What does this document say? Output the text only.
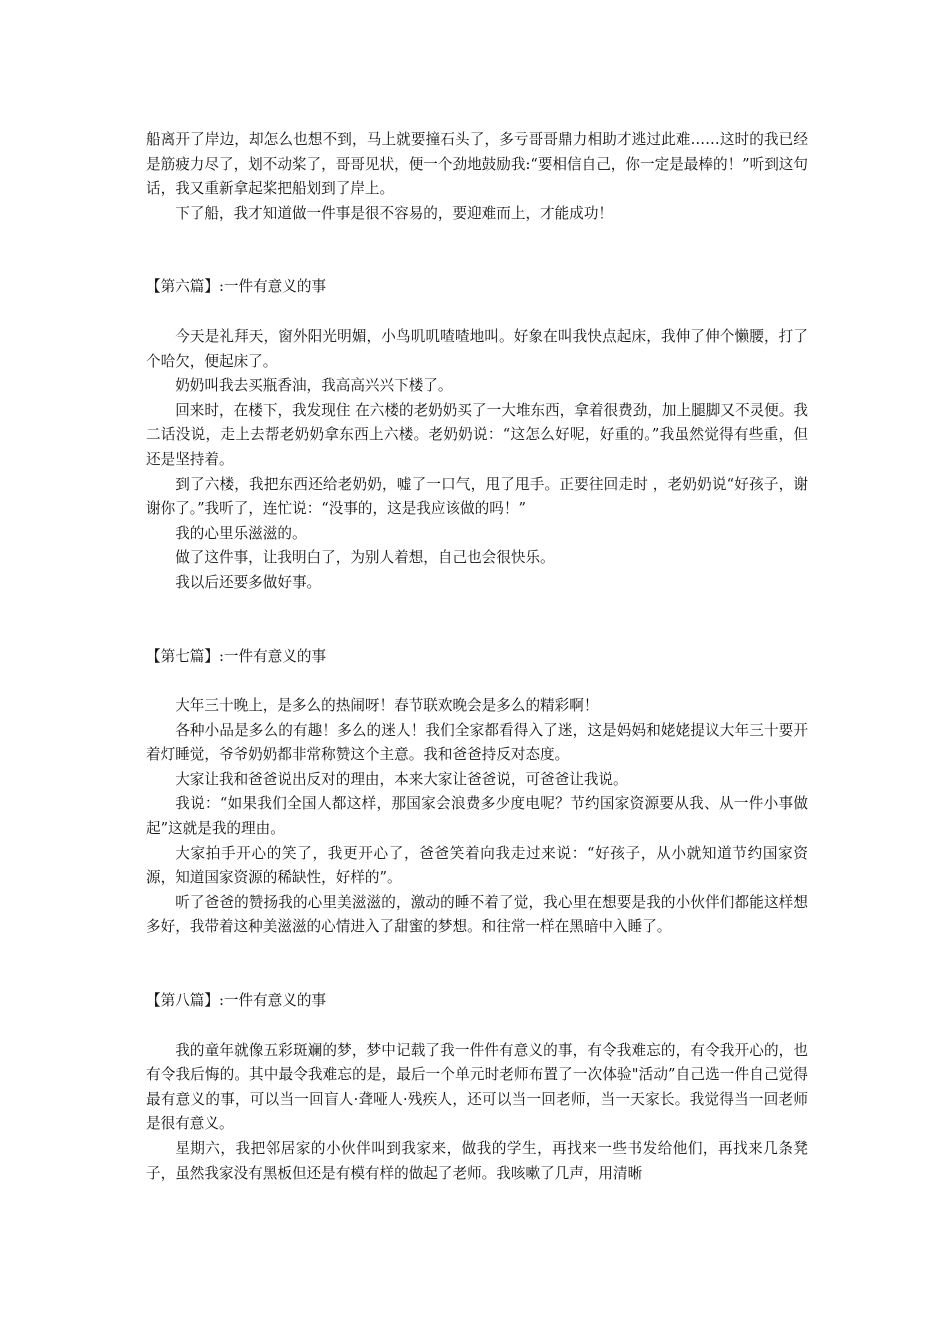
船离开了岸边，却怎么也想不到，马上就要撞石头了，多亏哥哥鼎力相助才逃过此难……这时的我已经是筋疲力尽了，划不动桨了，哥哥见状，便一个劲地鼓励我:“要相信自己，你一定是最棒的！”听到这句话，我又重新拿起桨把船划到了岸上。

下了船，我才知道做一件事是很不容易的，要迎难而上，才能成功！

【第六篇】:一件有意义的事

今天是礼拜天，窗外阳光明媚，小鸟叽叽喳喳地叫。好象在叫我快点起床，我伸了伸个懒腰，打了个哈欠，便起床了。

奶奶叫我去买瓶香油，我高高兴兴下楼了。

回来时，在楼下，我发现住 在六楼的老奶奶买了一大堆东西，拿着很费劲，加上腿脚又不灵便。我二话没说，走上去帮老奶奶拿东西上六楼。老奶奶说：“这怎么好呢，好重的。”我虽然觉得有些重，但还是坚持着。

到了六楼，我把东西还给老奶奶，嘘了一口气，甩了甩手。正要往回走时 ，老奶奶说“好孩子，谢谢你了。”我听了，连忙说：“没事的，这是我应该做的吗！”

我的心里乐滋滋的。

做了这件事，让我明白了，为别人着想，自己也会很快乐。

我以后还要多做好事。

【第七篇】:一件有意义的事

大年三十晚上，是多么的热闹呀！春节联欢晚会是多么的精彩啊！

各种小品是多么的有趣！多么的迷人！我们全家都看得入了迷，这是妈妈和姥姥提议大年三十要开着灯睡觉，爷爷奶奶都非常称赞这个主意。我和爸爸持反对态度。

大家让我和爸爸说出反对的理由，本来大家让爸爸说，可爸爸让我说。

我说：“如果我们全国人都这样，那国家会浪费多少度电呢？节约国家资源要从我、从一件小事做起”这就是我的理由。

大家拍手开心的笑了，我更开心了，爸爸笑着向我走过来说：“好孩子，从小就知道节约国家资源，知道国家资源的稀缺性，好样的”。

听了爸爸的赞扬我的心里美滋滋的，激动的睡不着了觉，我心里在想要是我的小伙伴们都能这样想多好，我带着这种美滋滋的心情进入了甜蜜的梦想。和往常一样在黑暗中入睡了。

【第八篇】:一件有意义的事

我的童年就像五彩斑斓的梦，梦中记载了我一件件有意义的事，有令我难忘的，有令我开心的，也有令我后悔的。其中最令我难忘的是，最后一个单元时老师布置了一次体验"活动”自己选一件自己觉得最有意义的事，可以当一回盲人·聋哑人·残疾人，还可以当一回老师，当一天家长。我觉得当一回老师是很有意义。

星期六，我把邻居家的小伙伴叫到我家来，做我的学生，再找来一些书发给他们，再找来几条凳子，虽然我家没有黑板但还是有模有样的做起了老师。我咳嗽了几声，用清晰
